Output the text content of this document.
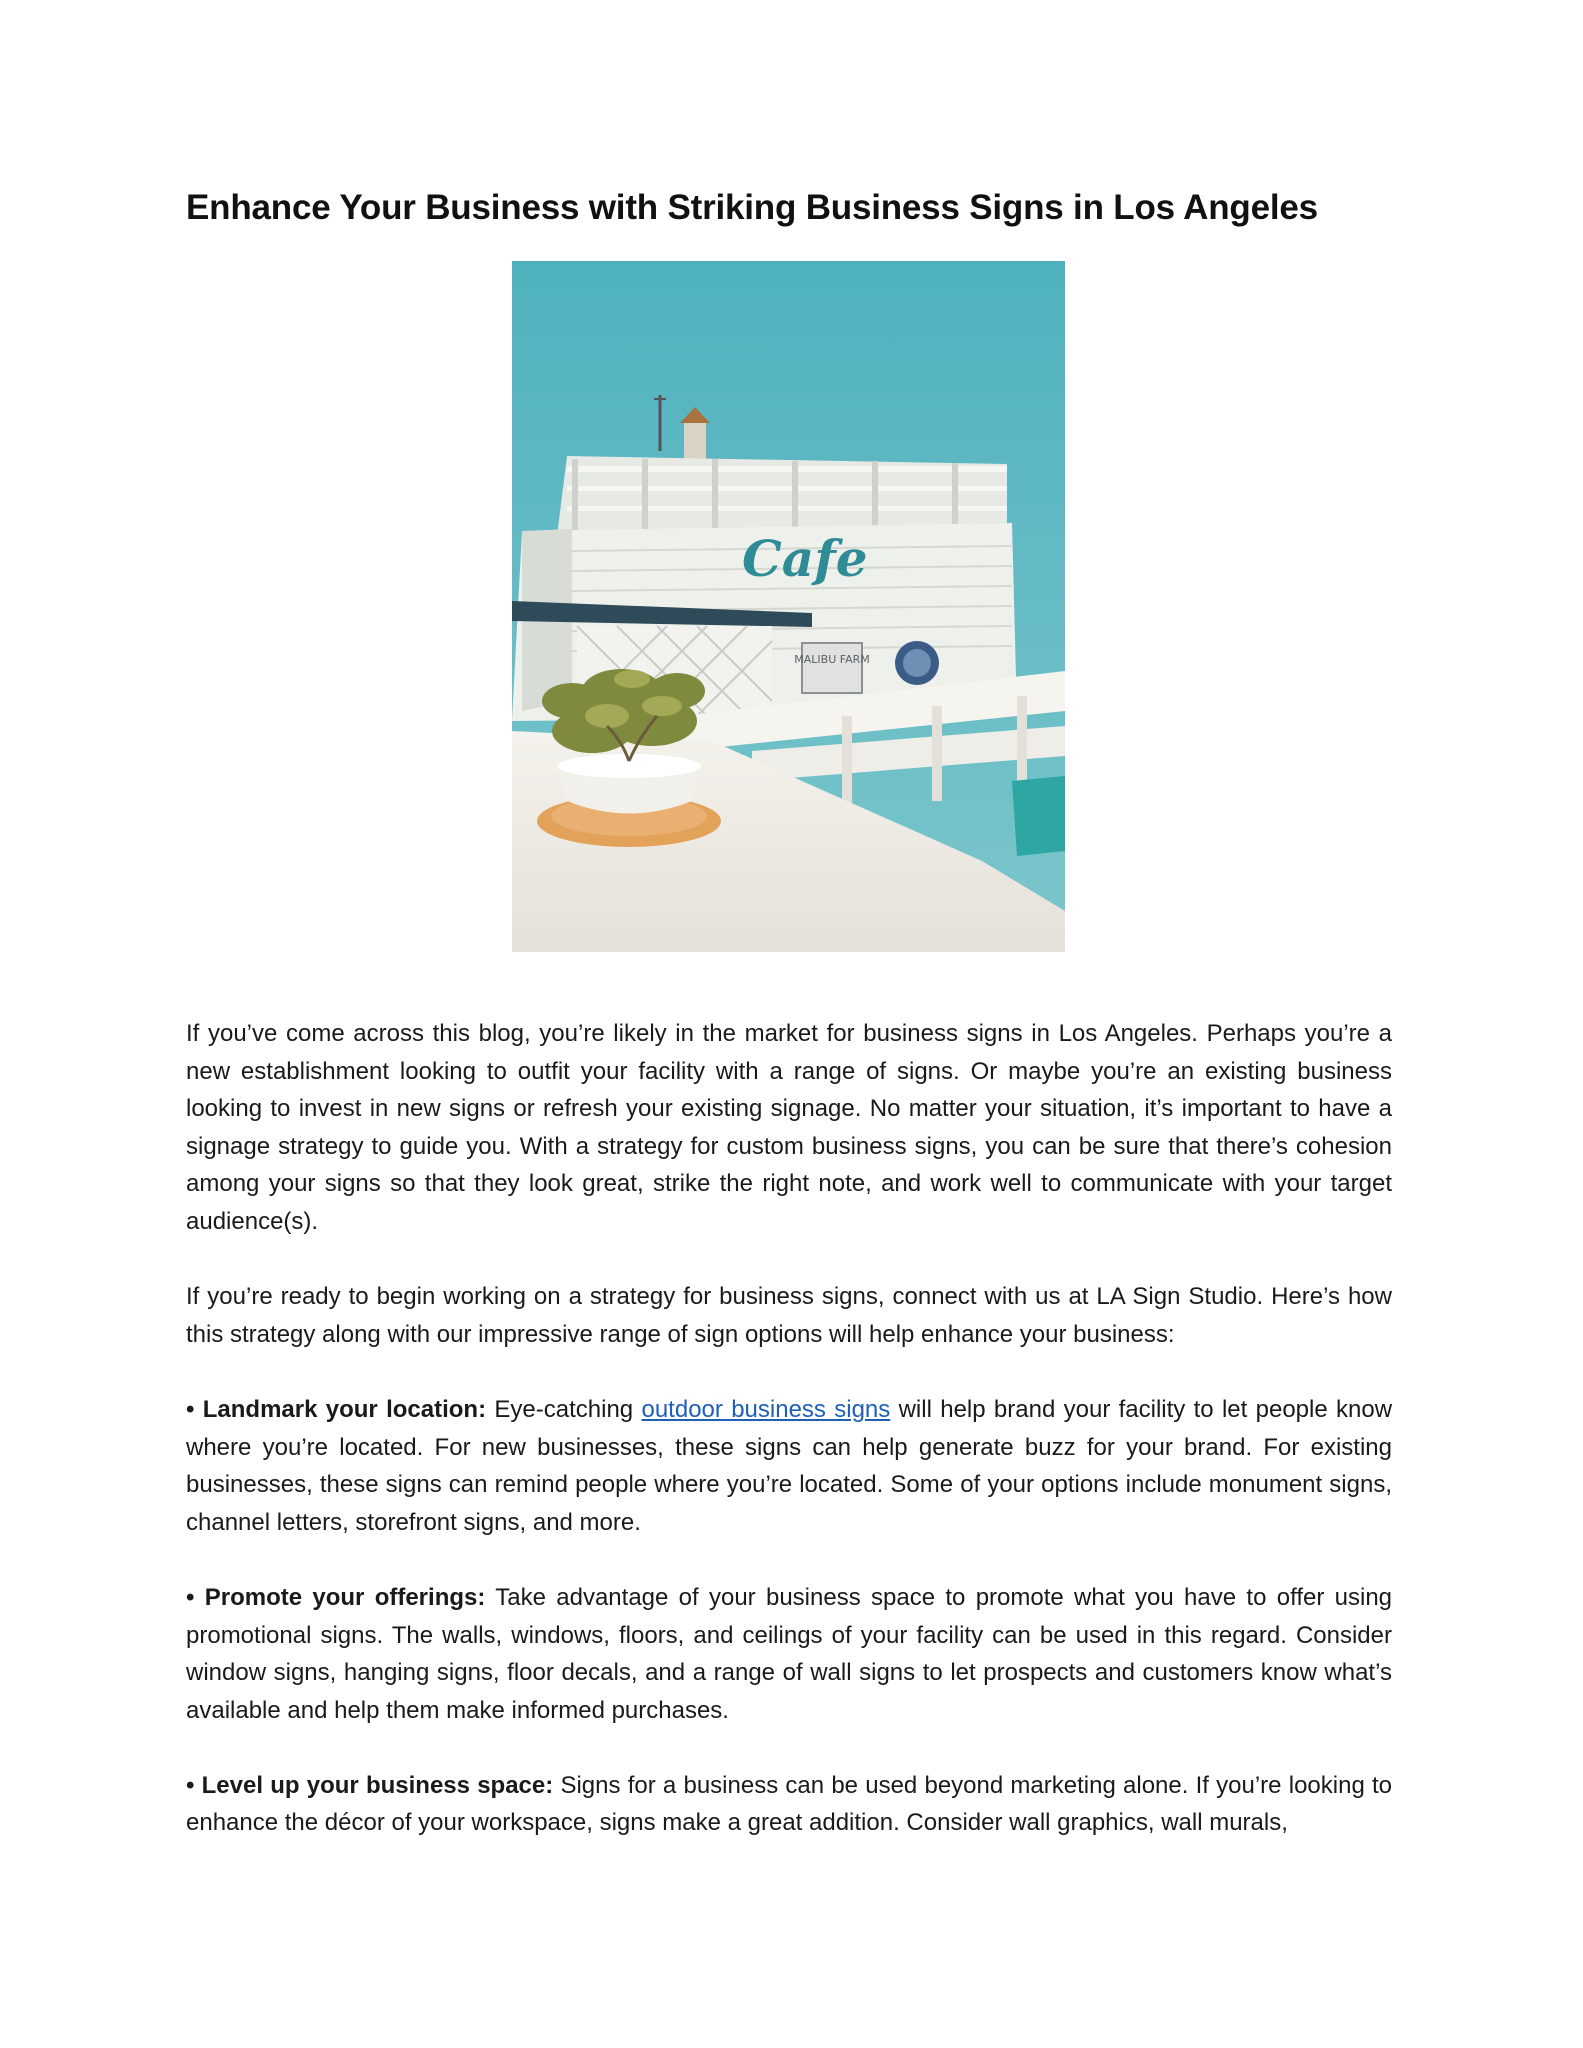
Enhance Your Business with Striking Business Signs in Los Angeles
Cafe
MALIBU FARM

If you’ve come across this blog, you’re likely in the market for business signs in Los Angeles. Perhaps you’re a new establishment looking to outfit your facility with a range of signs. Or maybe you’re an existing business looking to invest in new signs or refresh your existing signage. No matter your situation, it’s important to have a signage strategy to guide you. With a strategy for custom business signs, you can be sure that there’s cohesion among your signs so that they look great, strike the right note, and work well to communicate with your target audience(s).

If you’re ready to begin working on a strategy for business signs, connect with us at LA Sign Studio. Here’s how this strategy along with our impressive range of sign options will help enhance your business:

• Landmark your location: Eye-catching outdoor business signs will help brand your facility to let people know where you’re located. For new businesses, these signs can help generate buzz for your brand. For existing businesses, these signs can remind people where you’re located. Some of your options include monument signs, channel letters, storefront signs, and more.

• Promote your offerings: Take advantage of your business space to promote what you have to offer using promotional signs. The walls, windows, floors, and ceilings of your facility can be used in this regard. Consider window signs, hanging signs, floor decals, and a range of wall signs to let prospects and customers know what’s available and help them make informed purchases.

• Level up your business space: Signs for a business can be used beyond marketing alone. If you’re looking to enhance the décor of your workspace, signs make a great addition. Consider wall graphics, wall murals,
